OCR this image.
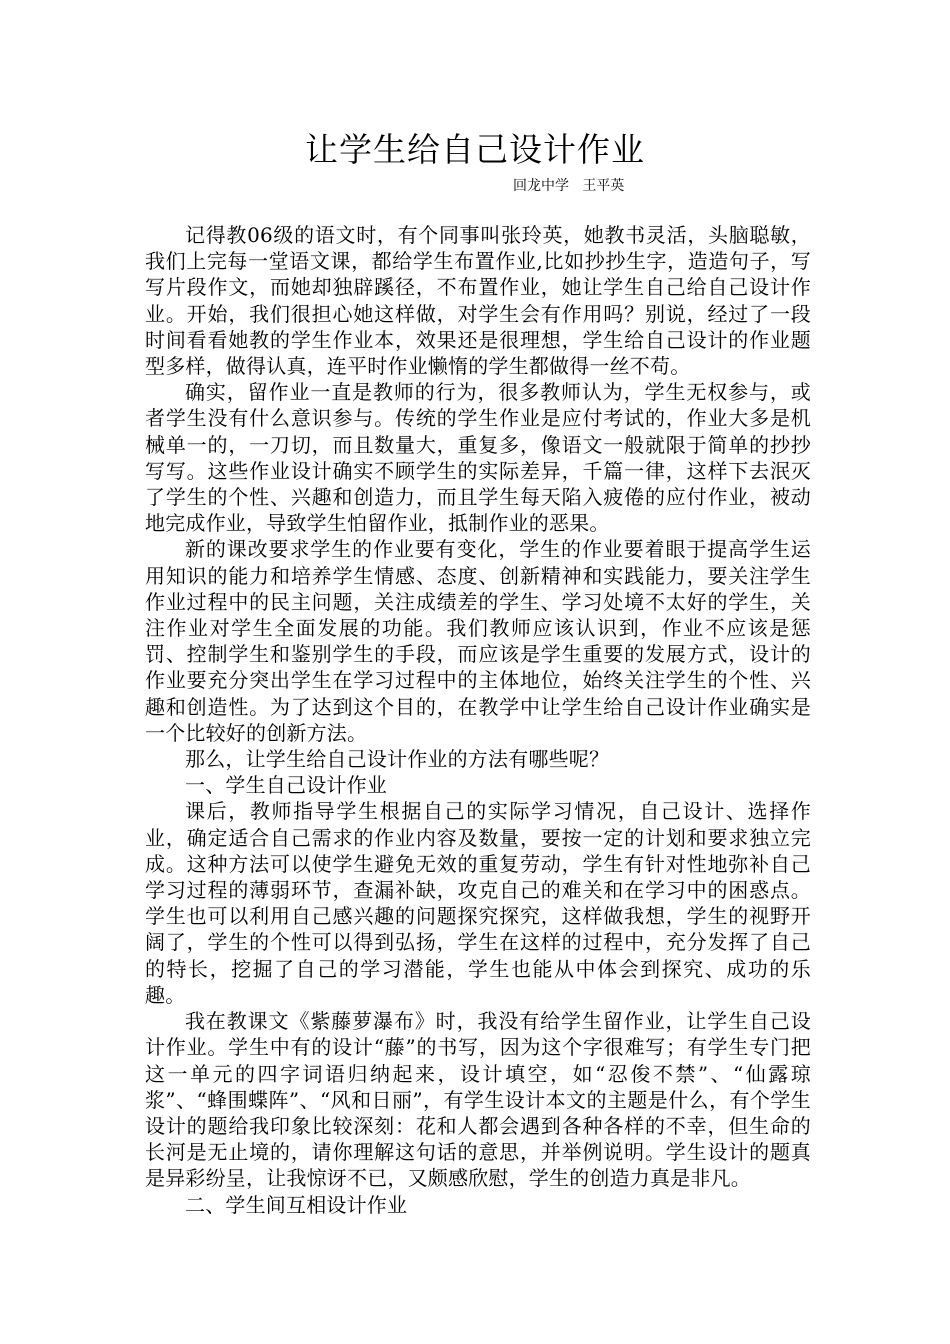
让学生给自己设计作业
回龙中学   王平英

记得教06级的语文时，有个同事叫张玲英，她教书灵活，头脑聪敏，我们上完每一堂语文课，都给学生布置作业,比如抄抄生字，造造句子，写写片段作文，而她却独辟蹊径，不布置作业，她让学生自己给自己设计作业。开始，我们很担心她这样做，对学生会有作用吗？别说，经过了一段时间看看她教的学生作业本，效果还是很理想，学生给自己设计的作业题型多样，做得认真，连平时作业懒惰的学生都做得一丝不苟。

确实，留作业一直是教师的行为，很多教师认为，学生无权参与，或者学生没有什么意识参与。传统的学生作业是应付考试的，作业大多是机械单一的，一刀切，而且数量大，重复多，像语文一般就限于简单的抄抄写写。这些作业设计确实不顾学生的实际差异，千篇一律，这样下去泯灭了学生的个性、兴趣和创造力，而且学生每天陷入疲倦的应付作业，被动地完成作业，导致学生怕留作业，抵制作业的恶果。

新的课改要求学生的作业要有变化，学生的作业要着眼于提高学生运用知识的能力和培养学生情感、态度、创新精神和实践能力，要关注学生作业过程中的民主问题，关注成绩差的学生、学习处境不太好的学生，关注作业对学生全面发展的功能。我们教师应该认识到，作业不应该是惩罚、控制学生和鉴别学生的手段，而应该是学生重要的发展方式，设计的作业要充分突出学生在学习过程中的主体地位，始终关注学生的个性、兴趣和创造性。为了达到这个目的，在教学中让学生给自己设计作业确实是一个比较好的创新方法。

那么，让学生给自己设计作业的方法有哪些呢？

一、学生自己设计作业

课后，教师指导学生根据自己的实际学习情况，自己设计、选择作业，确定适合自己需求的作业内容及数量，要按一定的计划和要求独立完成。这种方法可以使学生避免无效的重复劳动，学生有针对性地弥补自己学习过程的薄弱环节，查漏补缺，攻克自己的难关和在学习中的困惑点。学生也可以利用自己感兴趣的问题探究探究，这样做我想，学生的视野开阔了，学生的个性可以得到弘扬，学生在这样的过程中，充分发挥了自己的特长，挖掘了自己的学习潜能，学生也能从中体会到探究、成功的乐趣。

我在教课文《紫藤萝瀑布》时，我没有给学生留作业，让学生自己设计作业。学生中有的设计“藤”的书写，因为这个字很难写；有学生专门把这一单元的四字词语归纳起来，设计填空，如“忍俊不禁”、“仙露琼浆”、“蜂围蝶阵”、“风和日丽”，有学生设计本文的主题是什么，有个学生设计的题给我印象比较深刻：花和人都会遇到各种各样的不幸，但生命的长河是无止境的，请你理解这句话的意思，并举例说明。学生设计的题真是异彩纷呈，让我惊讶不已，又颇感欣慰，学生的创造力真是非凡。

二、学生间互相设计作业
